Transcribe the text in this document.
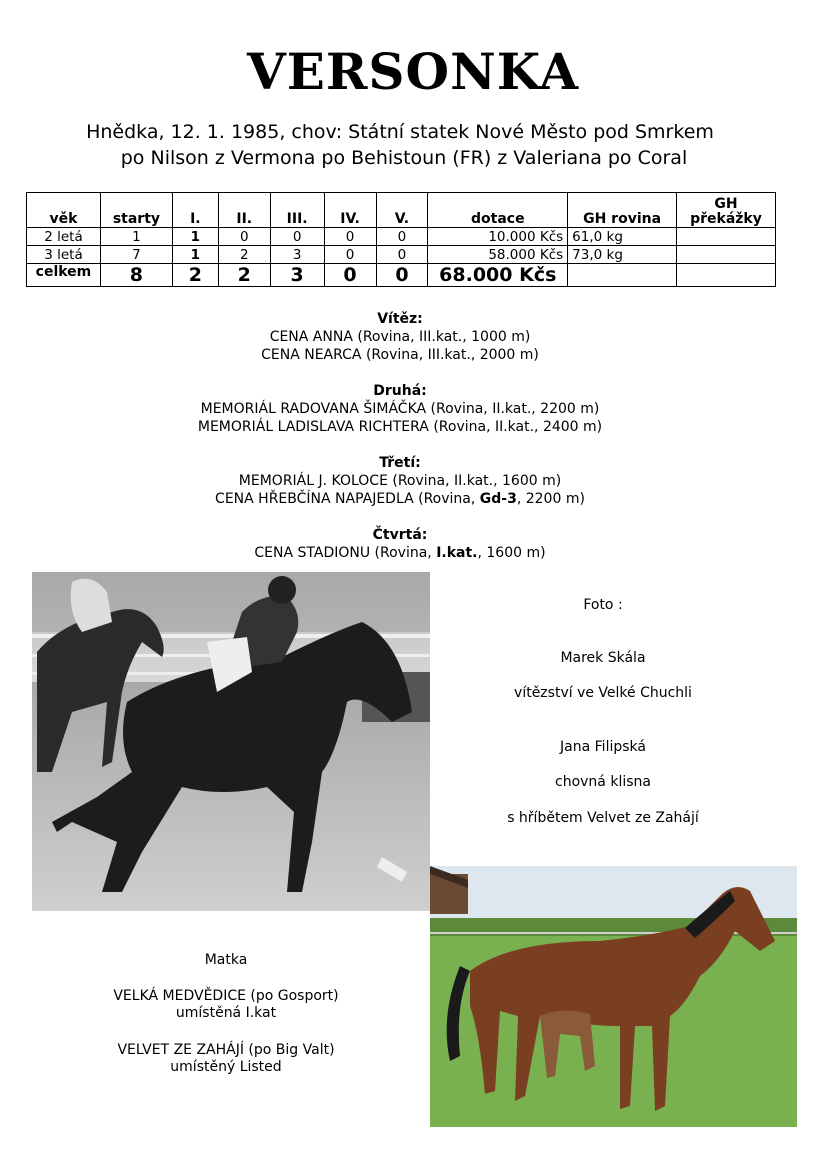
VERSONKA
Hnědka, 12. 1. 1985, chov: Státní statek Nové Město pod Smrkem
po Nilson z Vermona po Behistoun (FR) z Valeriana po Coral
věk	starty	I.	II.	III.	IV.	V.	dotace	GH rovina	GH překážky
2 letá	1	1	0	0	0	0	10.000 Kčs	61,0 kg	
3 letá	7	1	2	3	0	0	58.000 Kčs	73,0 kg	
celkem	8	2	2	3	0	0	68.000 Kčs		
Vítěz:
CENA ANNA (Rovina, III.kat., 1000 m)
CENA NEARCA (Rovina, III.kat., 2000 m)
Druhá:
MEMORIÁL RADOVANA ŠIMÁČKA (Rovina, II.kat., 2200 m)
MEMORIÁL LADISLAVA RICHTERA (Rovina, II.kat., 2400 m)
Třetí:
MEMORIÁL J. KOLOCE (Rovina, II.kat., 1600 m)
CENA HŘEBČÍNA NAPAJEDLA (Rovina, Gd-3, 2200 m)
Čtvrtá:
CENA STADIONU (Rovina, I.kat., 1600 m)
Foto :
Marek Skála
vítězství ve Velké Chuchli
Jana Filipská
chovná klisna
s hříbětem Velvet ze Zahájí
Matka
VELKÁ MEDVĚDICE (po Gosport)
umístěná I.kat
VELVET ZE ZAHÁJÍ (po Big Valt)
umístěný Listed
